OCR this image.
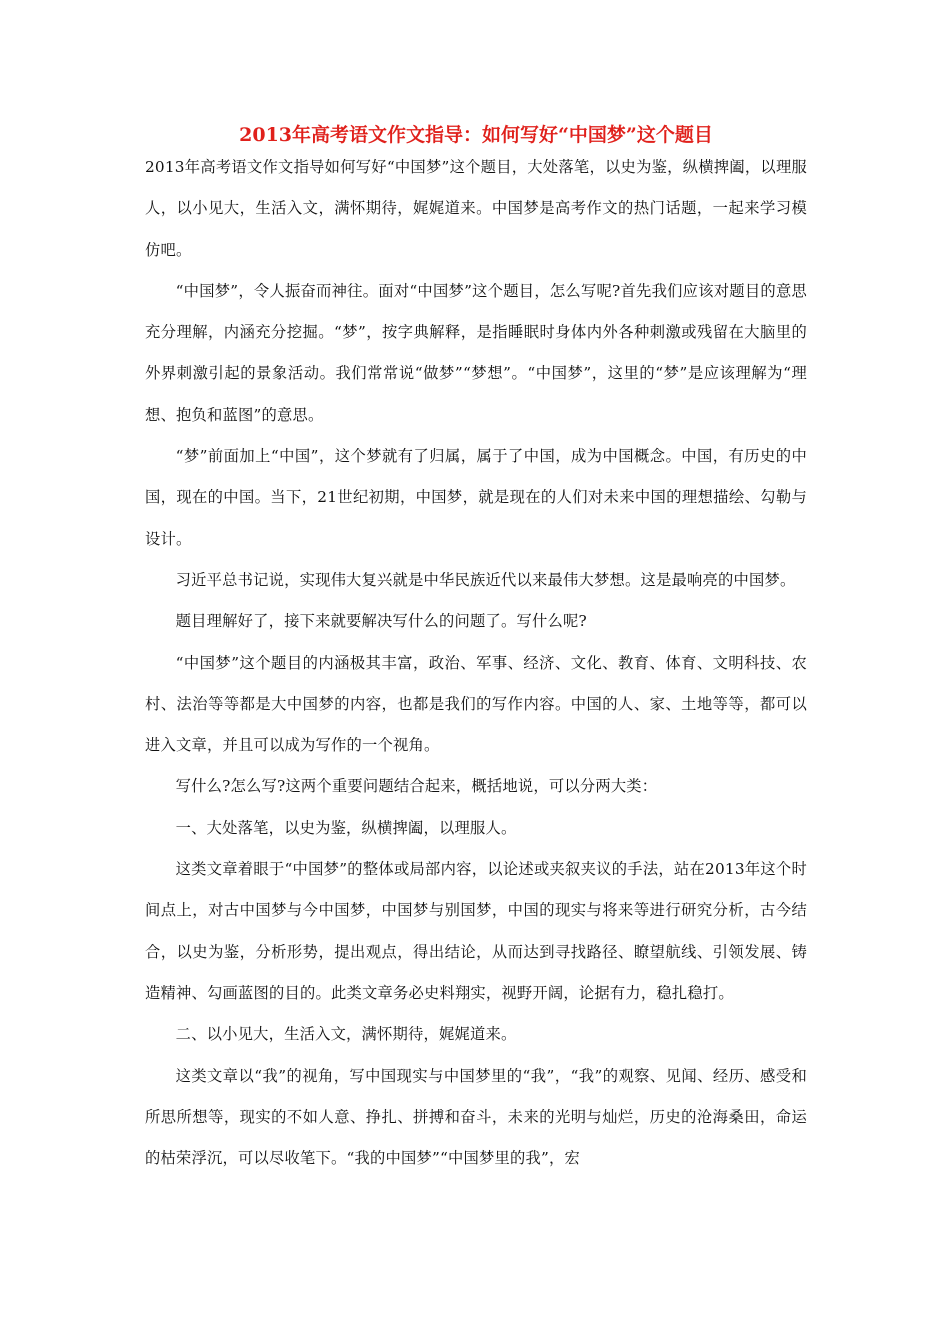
2013年高考语文作文指导：如何写好“中国梦”这个题目

2013年高考语文作文指导如何写好“中国梦”这个题目，大处落笔，以史为鉴，纵横捭阖，以理服人，以小见大，生活入文，满怀期待，娓娓道来。中国梦是高考作文的热门话题，一起来学习模仿吧。

“中国梦”，令人振奋而神往。面对“中国梦”这个题目，怎么写呢?首先我们应该对题目的意思充分理解，内涵充分挖掘。“梦”，按字典解释，是指睡眠时身体内外各种刺激或残留在大脑里的外界刺激引起的景象活动。我们常常说“做梦”“梦想”。“中国梦”，这里的“梦”是应该理解为“理想、抱负和蓝图”的意思。

“梦”前面加上“中国”，这个梦就有了归属，属于了中国，成为中国概念。中国，有历史的中国，现在的中国。当下，21世纪初期，中国梦，就是现在的人们对未来中国的理想描绘、勾勒与设计。

习近平总书记说，实现伟大复兴就是中华民族近代以来最伟大梦想。这是最响亮的中国梦。

题目理解好了，接下来就要解决写什么的问题了。写什么呢?

“中国梦”这个题目的内涵极其丰富，政治、军事、经济、文化、教育、体育、文明科技、农村、法治等等都是大中国梦的内容，也都是我们的写作内容。中国的人、家、土地等等，都可以进入文章，并且可以成为写作的一个视角。

写什么?怎么写?这两个重要问题结合起来，概括地说，可以分两大类：

一、大处落笔，以史为鉴，纵横捭阖，以理服人。

这类文章着眼于“中国梦”的整体或局部内容，以论述或夹叙夹议的手法，站在2013年这个时间点上，对古中国梦与今中国梦，中国梦与别国梦，中国的现实与将来等进行研究分析，古今结合，以史为鉴，分析形势，提出观点，得出结论，从而达到寻找路径、瞭望航线、引领发展、铸造精神、勾画蓝图的目的。此类文章务必史料翔实，视野开阔，论据有力，稳扎稳打。

二、以小见大，生活入文，满怀期待，娓娓道来。

这类文章以“我”的视角，写中国现实与中国梦里的“我”，“我”的观察、见闻、经历、感受和所思所想等，现实的不如人意、挣扎、拼搏和奋斗，未来的光明与灿烂，历史的沧海桑田，命运的枯荣浮沉，可以尽收笔下。“我的中国梦”“中国梦里的我”，宏
